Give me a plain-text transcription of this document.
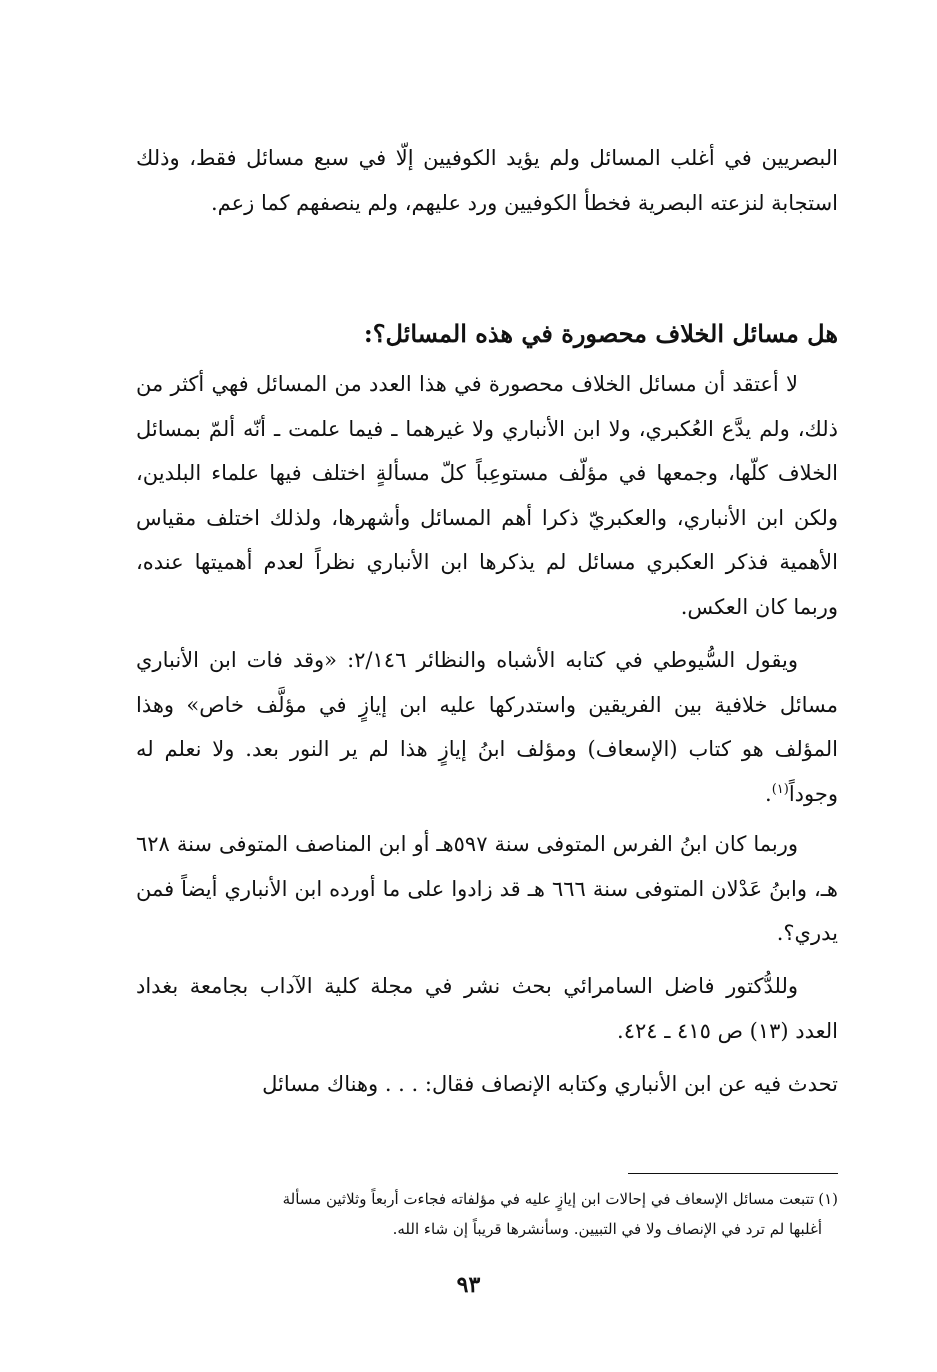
البصريين في أغلب المسائل ولم يؤيد الكوفيين إلّا في سبع مسائل فقط، وذلك استجابة لنزعته البصرية فخطأ الكوفيين ورد عليهم، ولم ينصفهم كما زعم.

هل مسائل الخلاف محصورة في هذه المسائل؟:

لا أعتقد أن مسائل الخلاف محصورة في هذا العدد من المسائل فهي أكثر من ذلك، ولم يدَّع العُكبري، ولا ابن الأنباري ولا غيرهما ـ فيما علمت ـ أنّه ألمّ بمسائل الخلاف كلّها، وجمعها في مؤلّف مستوعِباً كلّ مسألةٍ اختلف فيها علماء البلدين، ولكن ابن الأنباري، والعكبريّ ذكرا أهم المسائل وأشهرها، ولذلك اختلف مقياس الأهمية فذكر العكبري مسائل لم يذكرها ابن الأنباري نظراً لعدم أهميتها عنده، وربما كان العكس.

ويقول السُّيوطي في كتابه الأشباه والنظائر ٢/١٤٦: «وقد فات ابن الأنباري مسائل خلافية بين الفريقين واستدركها عليه ابن إيازٍ في مؤلَّف خاص» وهذا المؤلف هو كتاب (الإسعاف) ومؤلف ابنُ إيازٍ هذا لم ير النور بعد. ولا نعلم له وجوداً$^{(١)}$.

وربما كان ابنُ الفرس المتوفى سنة ٥٩٧هـ أو ابن المناصف المتوفى سنة ٦٢٨ هـ، وابنُ عَدْلان المتوفى سنة ٦٦٦ هـ قد زادوا على ما أورده ابن الأنباري أيضاً فمن يدري؟.

وللدُّكتور فاضل السامرائي بحث نشر في مجلة كلية الآداب بجامعة بغداد العدد (١٣) ص ٤١٥ ـ ٤٢٤.

تحدث فيه عن ابن الأنباري وكتابه الإنصاف فقال: . . . وهناك مسائل

(١)تتبعت مسائل الإسعاف في إحالات ابن إيازٍ عليه في مؤلفاته فجاءت أربعاً وثلاثين مسألة
أغلبها لم ترد في الإنصاف ولا في التبيين. وسأنشرها قريباً إن شاء الله.
٩٣
